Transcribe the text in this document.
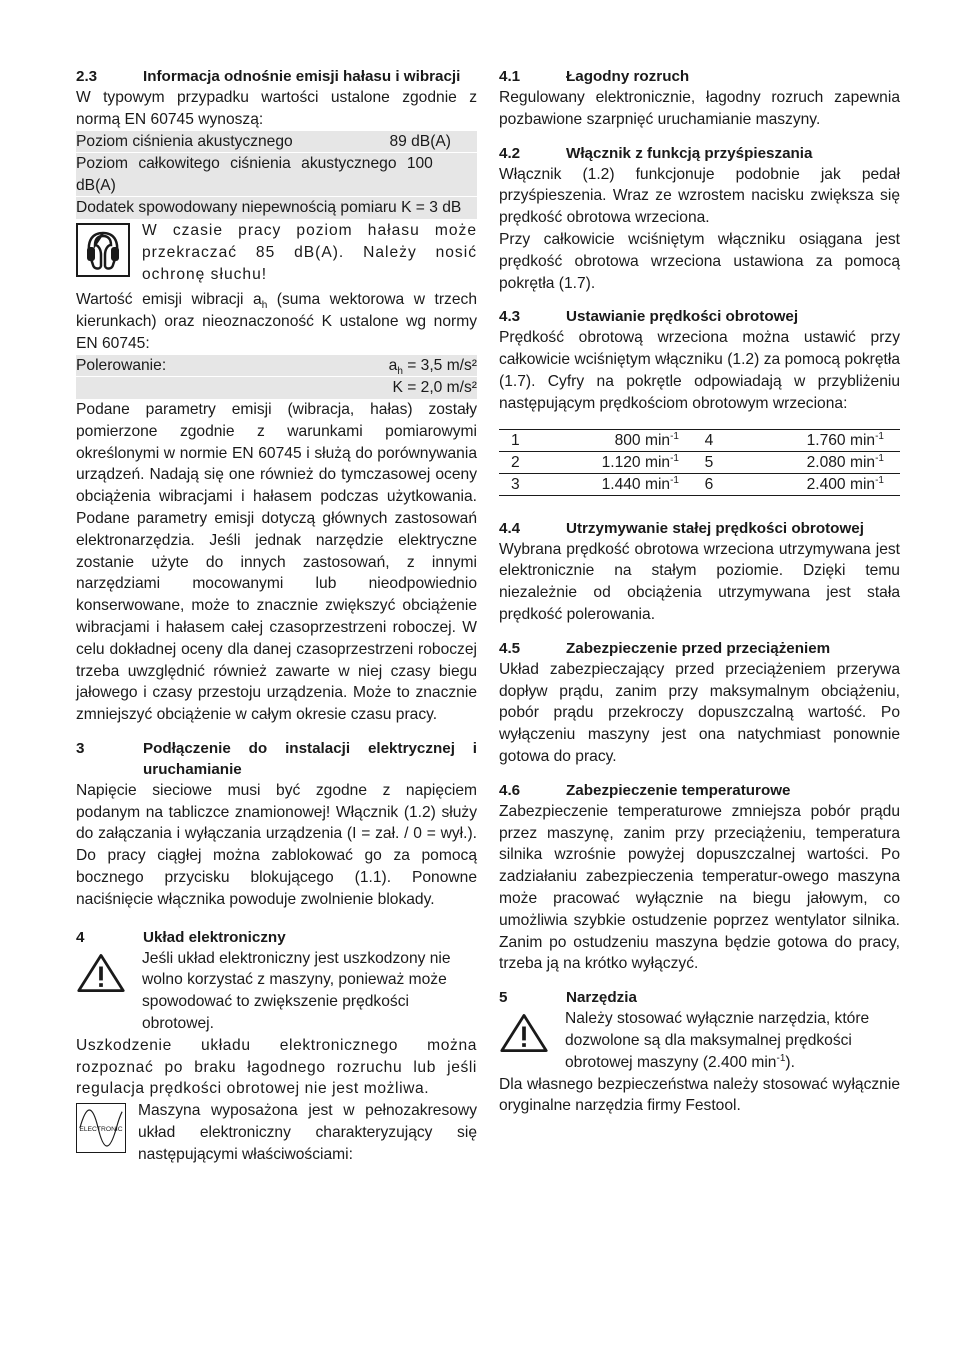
2.3	Informacja odnośnie emisji hałasu i wibracji

W typowym przypadku wartości ustalone zgodnie z normą EN 60745 wynoszą:

Poziom ciśnienia akustycznego	89 dB(A)
Poziom całkowitego ciśnienia akustycznego 100 dB(A)
Dodatek spowodowany niepewnością pomiaru K = 3 dB

W czasie pracy poziom hałasu może przekraczać 85 dB(A). Należy nosić ochronę słuchu!

Wartość emisji wibracji $a_h$ (suma wektorowa w trzech kierunkach) oraz nieoznaczoność K ustalone wg normy EN 60745:

Polerowanie:	$a_h = 3,5$ m/s²
K = 2,0 m/s²

Podane parametry emisji (wibracja, hałas) zostały pomierzone zgodnie z warunkami pomiarowymi określonymi w normie EN 60745 i służą do porównywania urządzeń. Nadają się one również do tymczasowej oceny obciążenia wibracjami i hałasem podczas użytkowania. Podane parametry emisji dotyczą głównych zastosowań elektronarzędzia. Jeśli jednak narzędzie elektryczne zostanie użyte do innych zastosowań, z innymi narzędziami mocowanymi lub nieodpowiednio konserwowane, może to znacznie zwiększyć obciążenie wibracjami i hałasem całej czasoprzestrzeni roboczej. W celu dokładnej oceny dla danej czasoprzestrzeni roboczej trzeba uwzględnić również zawarte w niej czasy biegu jałowego i czasy przestoju urządzenia. Może to znacznie zmniejszyć obciążenie w całym okresie czasu pracy.

3	Podłączenie do instalacji elektrycznej i uruchamianie

Napięcie sieciowe musi być zgodne z napięciem podanym na tabliczce znamionowej! Włącznik (1.2) służy do załączania i wyłączania urządzenia (I = zał. / 0 = wył.). Do pracy ciągłej można zablokować go za pomocą bocznego przycisku blokującego (1.1). Ponowne naciśnięcie włącznika powoduje zwolnienie blokady.

4	Układ elektroniczny

Jeśli układ elektroniczny jest uszkodzony nie wolno korzystać z maszyny, ponieważ może spowodować to zwiększenie prędkości obrotowej.

Uszkodzenie układu elektronicznego można rozpoznać po braku łagodnego rozruchu lub jeśli regulacja prędkości obrotowej nie jest możliwa.

ELECTRONIC

Maszyna wyposażona jest w pełnozakresowy układ elektroniczny charakteryzujący się następującymi właściwościami:

4.1	Łagodny rozruch

Regulowany elektronicznie, łagodny rozruch zapewnia pozbawione szarpnięć uruchamianie maszyny.

4.2	Włącznik z funkcją przyśpieszania

Włącznik (1.2) funkcjonuje podobnie jak pedał przyśpieszenia. Wraz ze wzrostem nacisku zwiększa się prędkość obrotowa wrzeciona.

Przy całkowicie wciśniętym włączniku osiągana jest prędkość obrotowa wrzeciona ustawiona za pomocą pokrętła (1.7).

4.3	Ustawianie prędkości obrotowej

Prędkość obrotową wrzeciona można ustawić przy całkowicie wciśniętym włączniku (1.2) za pomocą pokrętła (1.7). Cyfry na pokrętle odpowiadają w przybliżeniu następującym prędkościom obrotowym wrzeciona:

1	800 $\min^{-1}$	4	1.760 $\min^{-1}$
2	1.120 $\min^{-1}$	5	2.080 $\min^{-1}$
3	1.440 $\min^{-1}$	6	2.400 $\min^{-1}$
4.4	Utrzymywanie stałej prędkości obrotowej

Wybrana prędkość obrotowa wrzeciona utrzymywana jest elektronicznie na stałym poziomie. Dzięki temu niezależnie od obciążenia utrzymywana jest stała prędkość polerowania.

4.5	Zabezpieczenie przed przeciążeniem

Układ zabezpieczający przed przeciążeniem przerywa dopływ prądu, zanim przy maksymalnym obciążeniu, pobór prądu przekroczy dopuszczalną wartość. Po wyłączeniu maszyny jest ona natychmiast ponownie gotowa do pracy.

4.6	Zabezpieczenie temperaturowe

Zabezpieczenie temperaturowe zmniejsza pobór prądu przez maszynę, zanim przy przeciążeniu, temperatura silnika wzrośnie powyżej dopuszczalnej wartości. Po zadziałaniu zabezpieczenia temperatur-owego maszyna może pracować wyłącznie na biegu jałowym, co umożliwia szybkie ostudzenie poprzez wentylator silnika. Zanim po ostudzeniu maszyna będzie gotowa do pracy, trzeba ją na krótko wyłączyć.

5	Narzędzia

Należy stosować wyłącznie narzędzia, które dozwolone są dla maksymalnej prędkości obrotowej maszyny (2.400 $\min^{-1}$).

Dla własnego bezpieczeństwa należy stosować wyłącznie oryginalne narzędzia firmy Festool.
